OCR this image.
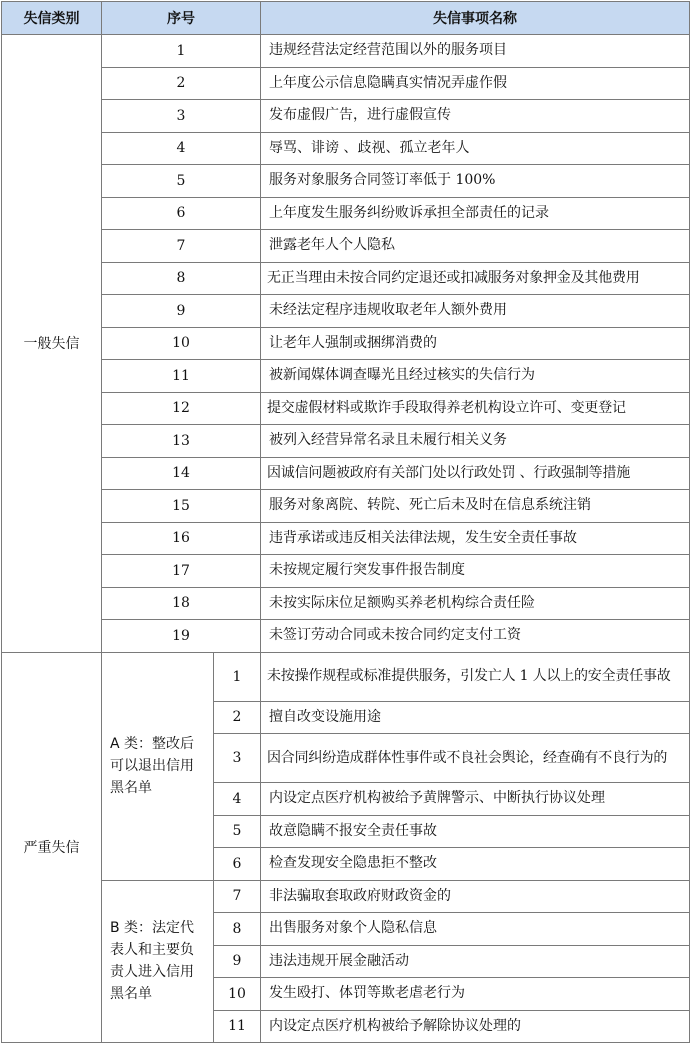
失信类别	序号		失信事项名称
一般失信	1		违规经营法定经营范围以外的服务项目
	2		上年度公示信息隐瞒真实情况弄虚作假
	3		发布虚假广告，进行虚假宣传
	4		辱骂、诽谤 、歧视、孤立老年人
	5		服务对象服务合同签订率低于 100%
	6		上年度发生服务纠纷败诉承担全部责任的记录
	7		泄露老年人个人隐私
	8		无正当理由未按合同约定退还或扣减服务对象押金及其他费用
	9		未经法定程序违规收取老年人额外费用
	10		让老年人强制或捆绑消费的
	11		被新闻媒体调查曝光且经过核实的失信行为
	12		提交虚假材料或欺诈手段取得养老机构设立许可、变更登记
	13		被列入经营异常名录且未履行相关义务
	14		因诚信问题被政府有关部门处以行政处罚 、行政强制等措施
	15		服务对象离院、转院、死亡后未及时在信息系统注销
	16		违背承诺或违反相关法律法规，发生安全责任事故
	17		未按规定履行突发事件报告制度
	18		未按实际床位足额购买养老机构综合责任险
	19		未签订劳动合同或未按合同约定支付工资
严重失信	A 类：整改后可以退出信用黑名单	1	未按操作规程或标准提供服务，引发亡人 1 人以上的安全责任事故
		2	擅自改变设施用途
		3	因合同纠纷造成群体性事件或不良社会舆论，经查确有不良行为的
		4	内设定点医疗机构被给予黄牌警示、中断执行协议处理
		5	故意隐瞒不报安全责任事故
		6	检查发现安全隐患拒不整改
	B 类：法定代表人和主要负责人进入信用黑名单	7	非法骗取套取政府财政资金的
		8	出售服务对象个人隐私信息
		9	违法违规开展金融活动
		10	发生殴打、体罚等欺老虐老行为
		11	内设定点医疗机构被给予解除协议处理的
